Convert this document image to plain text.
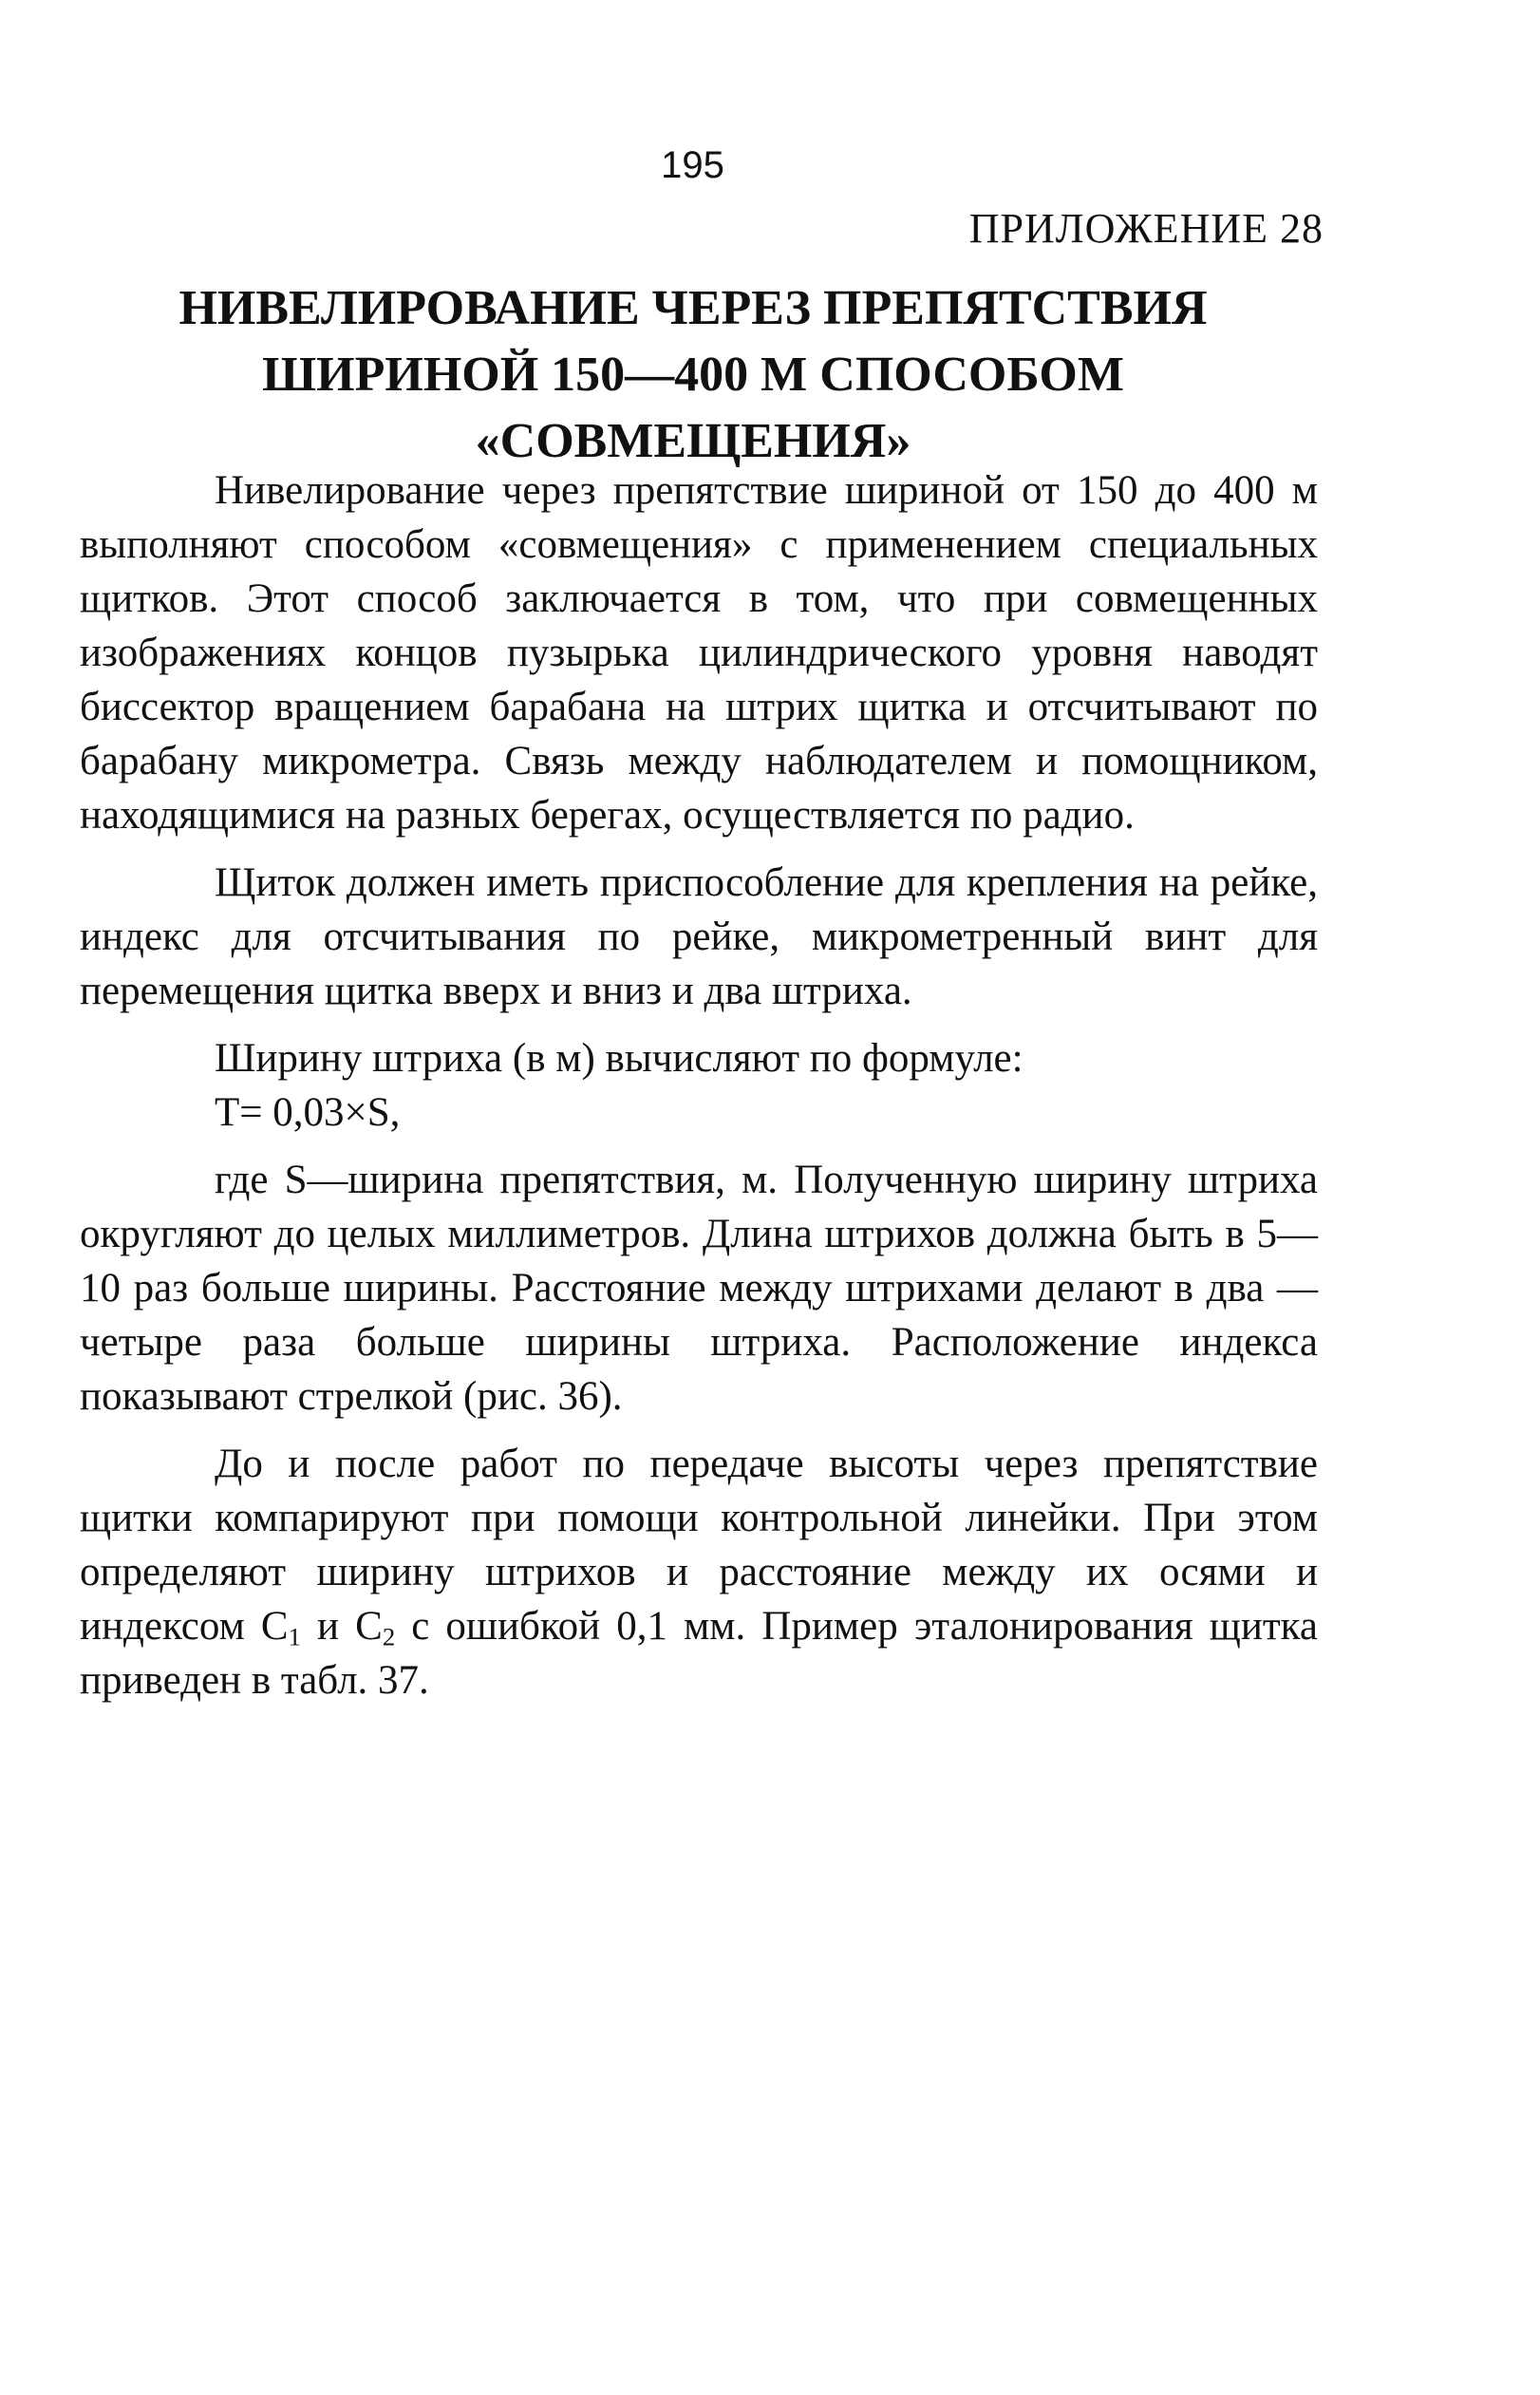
195
ПРИЛОЖЕНИЕ 28
НИВЕЛИРОВАНИЕ ЧЕРЕЗ ПРЕПЯТСТВИЯ
ШИРИНОЙ 150—400 М СПОСОБОМ
«СОВМЕЩЕНИЯ»

Нивелирование через препятствие шириной от 150 до 400 м выполняют способом «совмещения» с применением специальных щитков. Этот способ заключается в том, что при совмещенных изображениях концов пузырька цилиндрического уровня наводят биссектор вращением барабана на штрих щитка и отсчитывают по барабану микрометра. Связь между наблюдателем и помощником, находящимися на разных берегах, осуществляется по радио.

Щиток должен иметь приспособление для крепления на рейке, индекс для отсчитывания по рейке, микрометренный винт для перемещения щитка вверх и вниз и два штриха.

Ширину штриха (в м) вычисляют по формуле:

Т= 0,03×S,

где S—ширина препятствия, м. Полученную ширину штриха округляют до целых миллиметров. Длина штрихов должна быть в 5—10 раз больше ширины. Расстояние между штрихами делают в два — четыре раза больше ширины штриха. Расположение индекса показывают стрелкой (рис. 36).

До и после работ по передаче высоты через препятствие щитки компарируют при помощи контрольной линейки. При этом определяют ширину штрихов и расстояние между их осями и индексом $С_1$ и $С_2$ с ошибкой 0,1 мм. Пример эталонирования щитка приведен в табл. 37.
